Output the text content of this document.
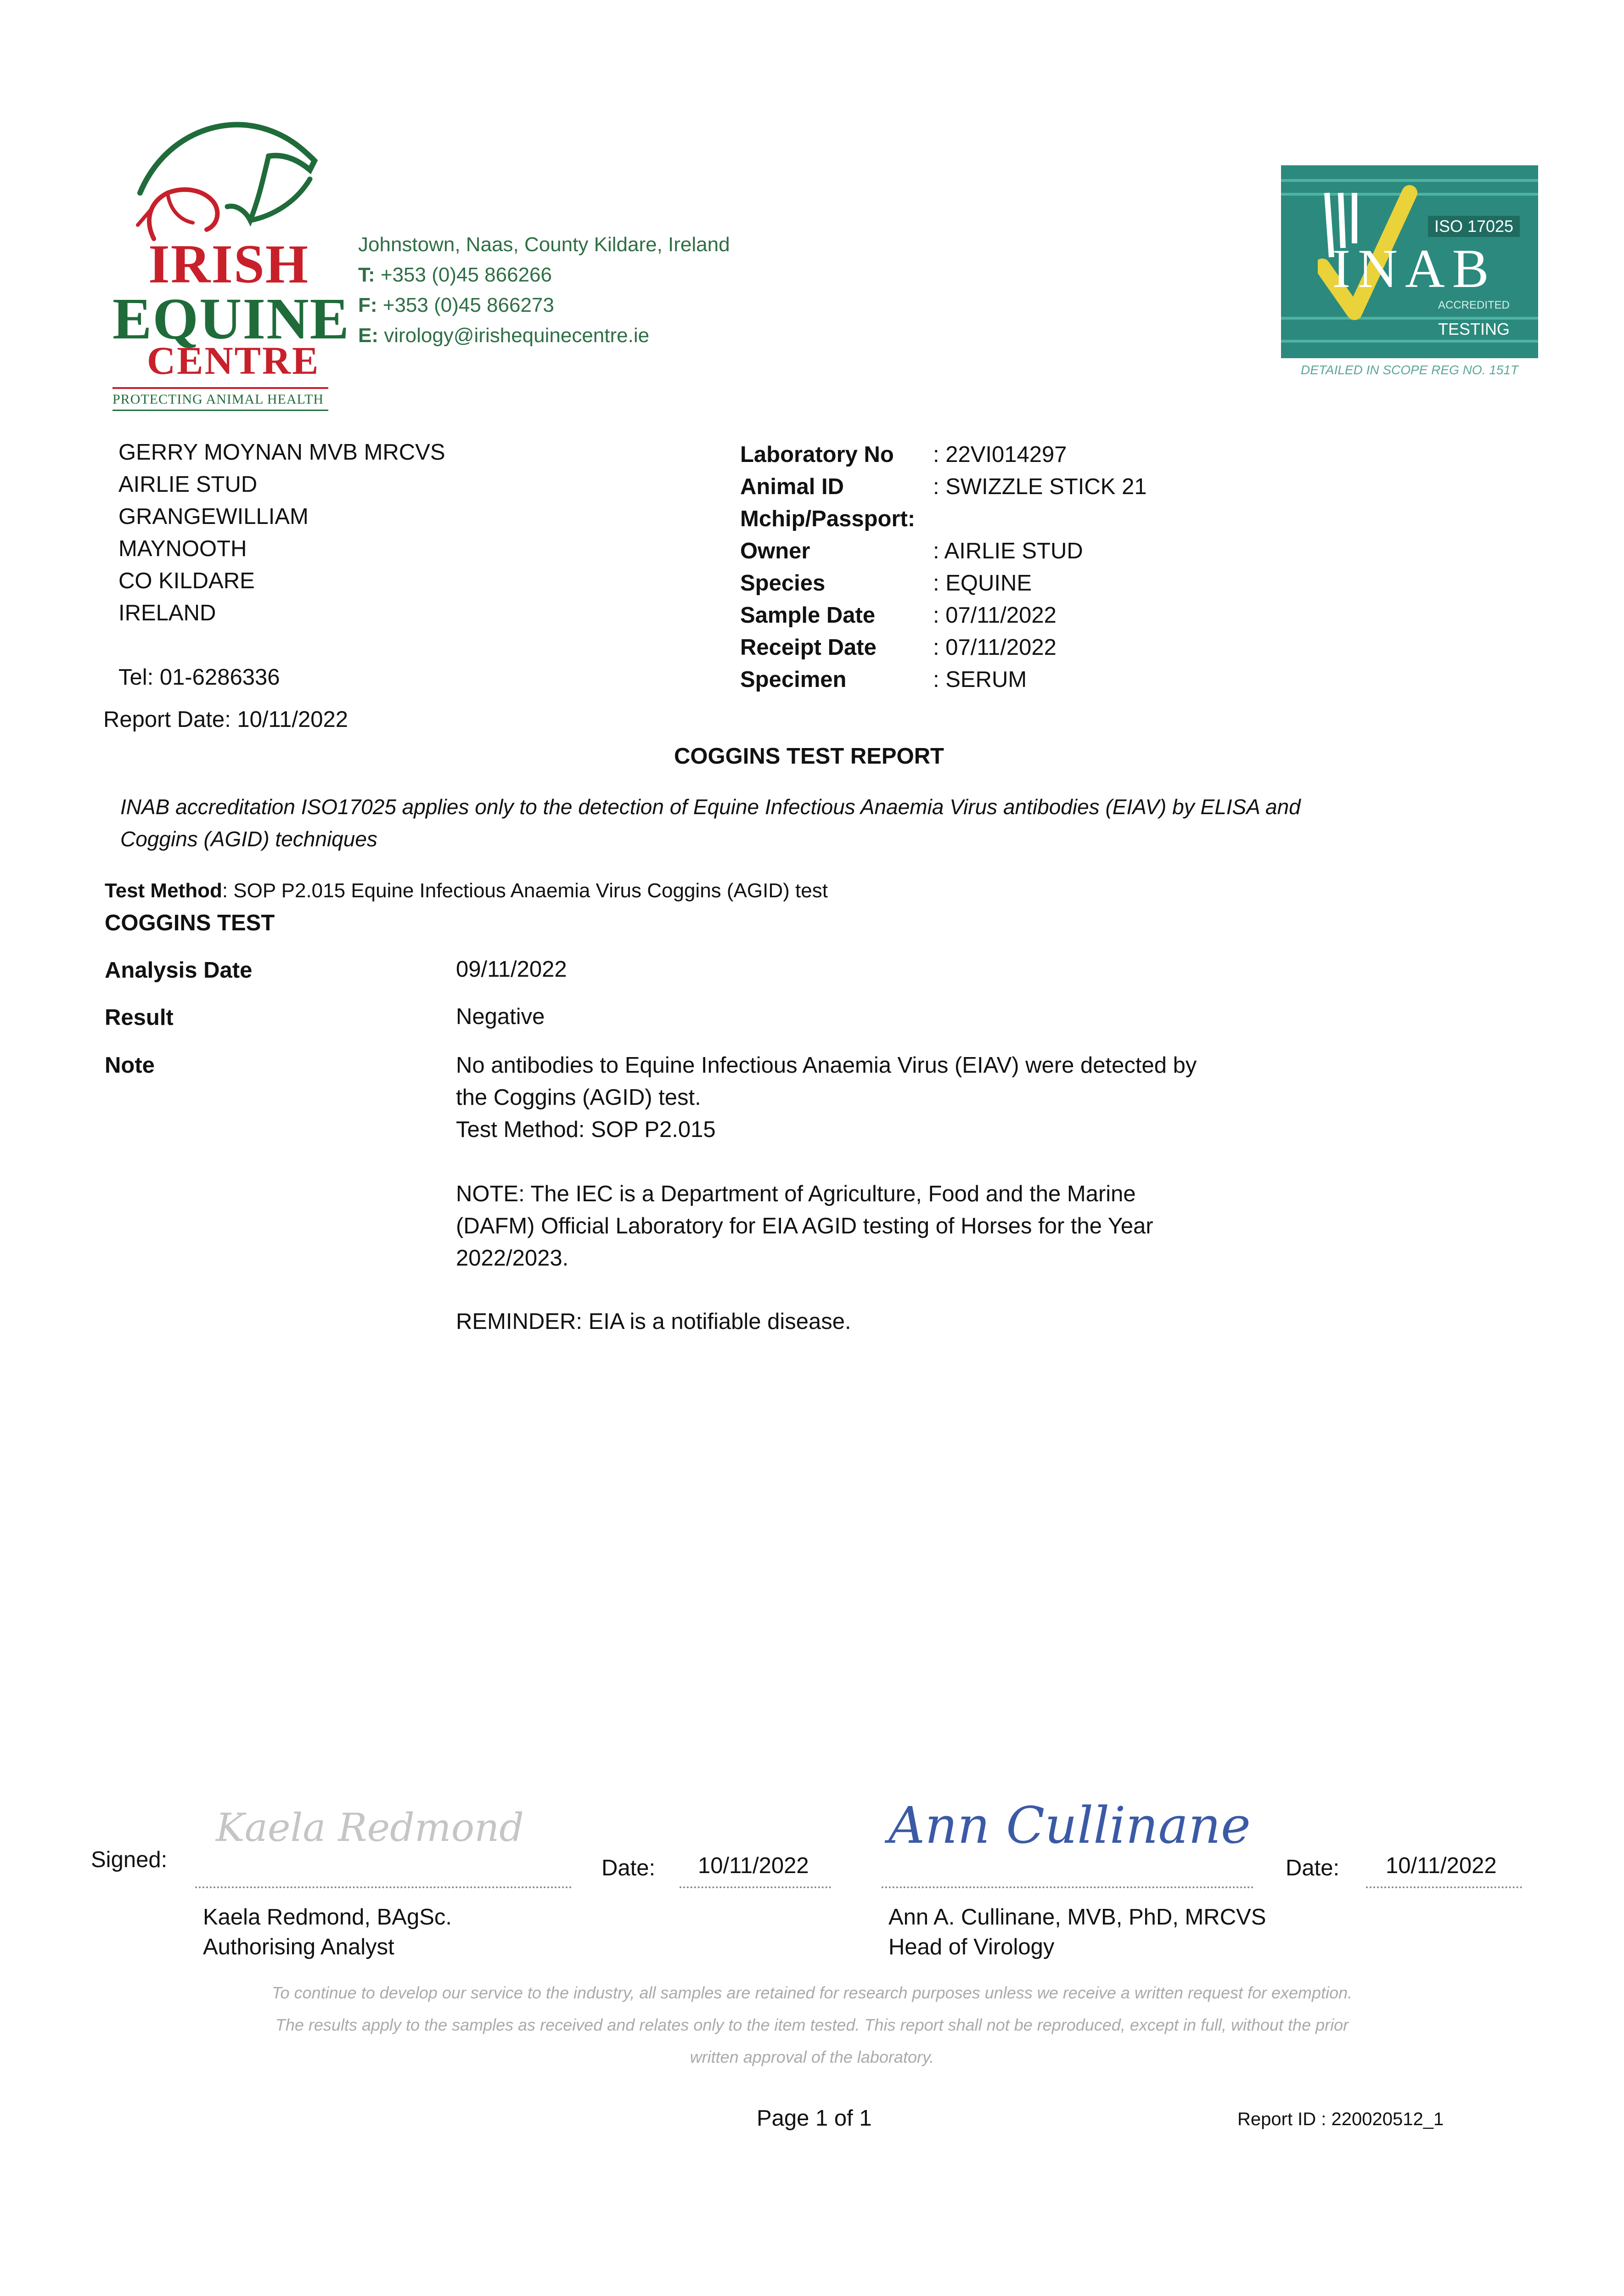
IRISH
EQUINE
CENTRE
PROTECTING ANIMAL HEALTH
Johnstown, Naas, County Kildare, Ireland
T: +353 (0)45 866266
F: +353 (0)45 866273
E: virology@irishequinecentre.ie
ISO 17025
INAB
ACCREDITED
TESTING
DETAILED IN SCOPE REG NO. 151T
GERRY MOYNAN MVB MRCVS
AIRLIE STUD
GRANGEWILLIAM
MAYNOOTH
CO KILDARE
IRELAND
Tel: 01-6286336
Report Date: 10/11/2022
Laboratory No	: 22VI014297
Animal ID	: SWIZZLE STICK 21
Mchip/Passport:
Owner	: AIRLIE STUD
Species	: EQUINE
Sample Date	: 07/11/2022
Receipt Date	: 07/11/2022
Specimen	: SERUM
COGGINS TEST REPORT
INAB accreditation ISO17025 applies only to the detection of Equine Infectious Anaemia Virus antibodies (EIAV) by ELISA and
Coggins (AGID) techniques
Test Method: SOP P2.015 Equine Infectious Anaemia Virus Coggins (AGID) test
COGGINS TEST
Analysis Date	09/11/2022
Result	Negative
Note	No antibodies to Equine Infectious Anaemia Virus (EIAV) were detected by
the Coggins (AGID) test.
Test Method: SOP P2.015
NOTE: The IEC is a Department of Agriculture, Food and the Marine
(DAFM) Official Laboratory for EIA AGID testing of Horses for the Year
2022/2023.
REMINDER: EIA is a notifiable disease.
Signed:
Kaela Redmond
Date: 10/11/2022
Kaela Redmond, BAgSc.
Authorising Analyst
Ann Cullinane
Date: 10/11/2022
Ann A. Cullinane, MVB, PhD, MRCVS
Head of Virology
To continue to develop our service to the industry, all samples are retained for research purposes unless we receive a written request for exemption.
The results apply to the samples as received and relates only to the item tested. This report shall not be reproduced, except in full, without the prior
written approval of the laboratory.
Page 1 of 1	Report ID : 220020512_1
